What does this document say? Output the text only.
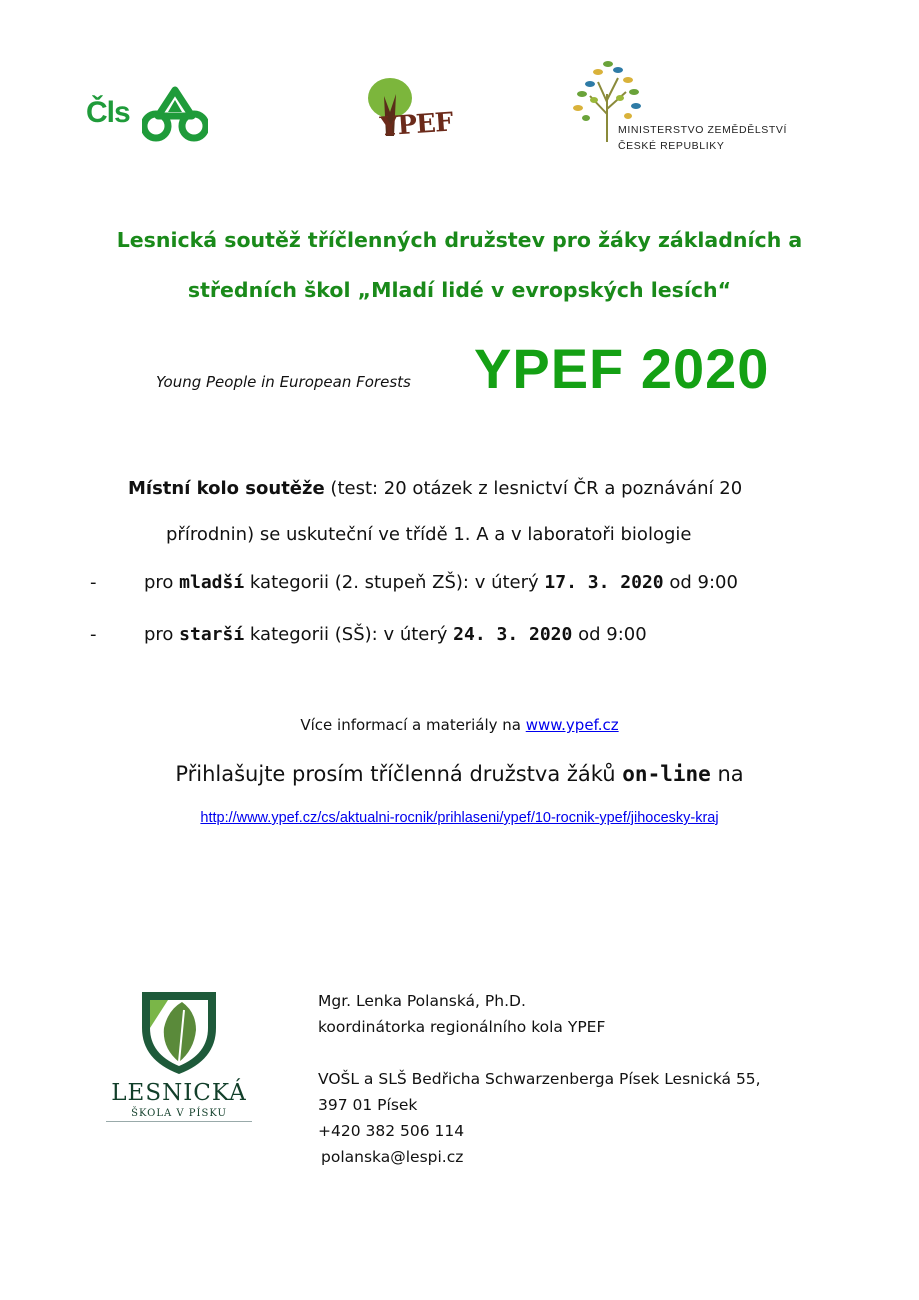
Čls	YPEF	MINISTERSTVO ZEMĚDĚLSTVÍ
ČESKÉ REPUBLIKY
Lesnická soutěž tříčlenných družstev pro žáky základních a
středních škol „Mladí lidé v evropských lesích“
Young People in European Forests YPEF 2020
Místní kolo soutěže (test: 20 otázek z lesnictví ČR a poznávání 20
přírodnin) se uskuteční ve třídě 1. A a v laboratoři biologie
-	pro mladší kategorii (2. stupeň ZŠ): v úterý 17. 3. 2020 od 9:00
-	pro starší kategorii (SŠ): v úterý 24. 3. 2020 od 9:00
Více informací a materiály na www.ypef.cz
Přihlašujte prosím tříčlenná družstva žáků on-line na
http://www.ypef.cz/cs/aktualni-rocnik/prihlaseni/ypef/10-rocnik-ypef/jihocesky-kraj
LESNICKÁ
ŠKOLA V PÍSKU
Mgr. Lenka Polanská, Ph.D.
koordinátorka regionálního kola YPEF
VOŠL a SLŠ Bedřicha Schwarzenberga Písek Lesnická 55,
397 01 Písek
+420 382 506 114
polanska@lespi.cz
